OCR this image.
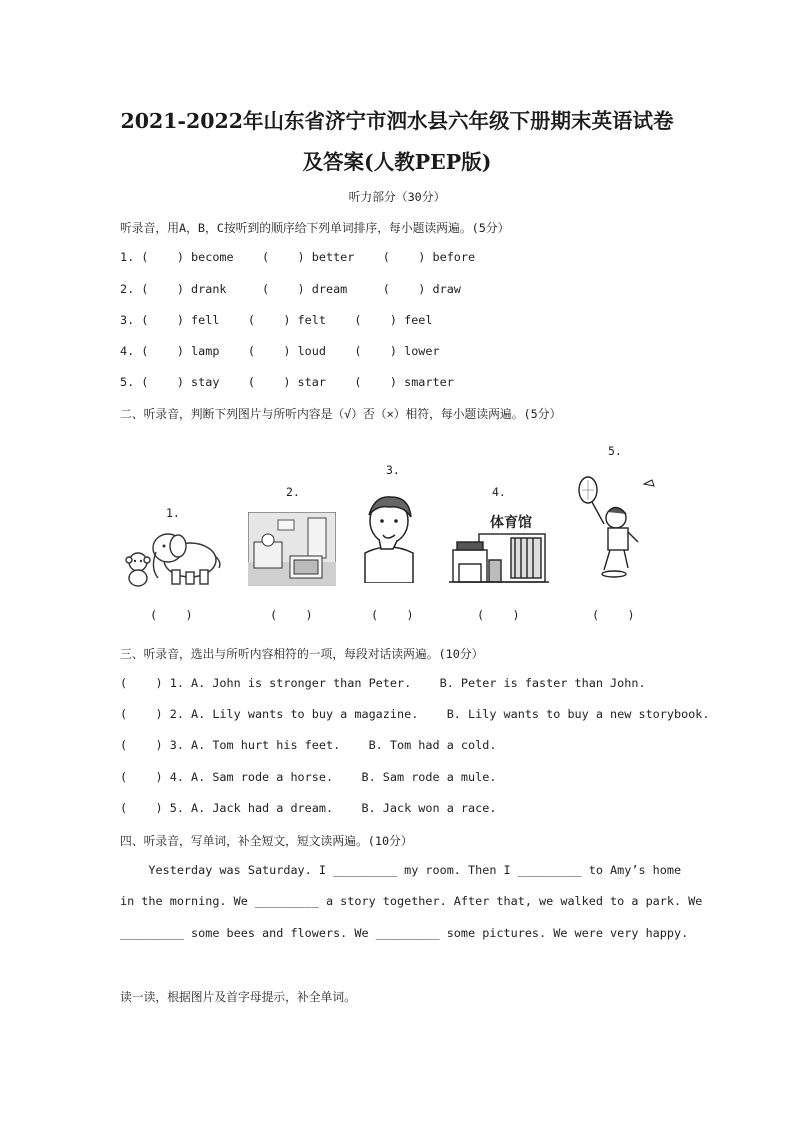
2021-2022年山东省济宁市泗水县六年级下册期末英语试卷
及答案(人教PEP版)
听力部分（30分）
听录音，用A，B，C按听到的顺序给下列单词排序，每小题读两遍。(5分）
1. (    ) become    (    ) better    (    ) before
2. (    ) drank     (    ) dream     (    ) draw
3. (    ) fell    (    ) felt    (    ) feel
4. (    ) lamp    (    ) loud    (    ) lower
5. (    ) stay    (    ) star    (    ) smarter
二、听录音，判断下列图片与所听内容是（√）否（×）相符，每小题读两遍。(5分）
1.
2.
3.
4.
5.
体育馆
(    )	(    )	(    )	(    )	(    )
三、听录音，选出与所听内容相符的一项，每段对话读两遍。(10分）
(    ) 1. A. John is stronger than Peter.    B. Peter is faster than John.
(    ) 2. A. Lily wants to buy a magazine.    B. Lily wants to buy a new storybook.
(    ) 3. A. Tom hurt his feet.    B. Tom had a cold.
(    ) 4. A. Sam rode a horse.    B. Sam rode a mule.
(    ) 5. A. Jack had a dream.    B. Jack won a race.
四、听录音，写单词，补全短文，短文读两遍。(10分）
Yesterday was Saturday. I _________ my room. Then I _________ to Amy’s home
in the morning. We _________ a story together. After that, we walked to a park. We
_________ some bees and flowers. We _________ some pictures. We were very happy.
读一读，根据图片及首字母提示，补全单词。
